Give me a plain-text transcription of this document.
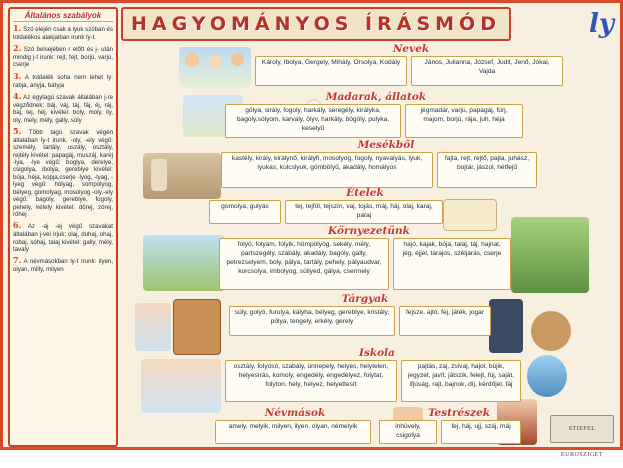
HAGYOMÁNYOS ÍRÁSMÓD	ly
Általános szabályok

1. Szó elején csak a lyuk szóban és toldalékos alakjaiban irunk ly-t.

2. Szó belsejében r előtt és j- után mindig j-t irunk: rejt, fejt, borjú, varjú, cserje

3. A toldalék soha nem lehet ly: rabja, anyja, bátyja

4. Az egytagú szavak általában j-re végződnek: báj, váj, táj, fáj, éj, ráj, baj, tej, héj, kivétel: boly, moly, ily, oly, mely, mély, gally, súly

5. Több tagú szavak végén általában ly-t irunk. -oly, -ely végű: személy, tartály, uszály, osztály, rejtély kivétel: papagáj, muszáj, karéj -lya, -lye végű: boglya, derelye, csigolya, ibolya, gereblye kivétel: bója, héja, kopja,cserje -lyog, -lyag, -lyeg végű: hólyag, sompolyog, bélyeg, gomolyag, mosolyog -oly,-ely végű: bagoly, gereblye, fogoly, pehely, kétely kivétel: dörej, zörej, röhej

6. Az -aj -ej végű szavakat általában j-vel írjuk: olaj, duhaj, ohaj, robaj, sóhaj, talaj kivétel: gally, mély, tavaly

7. A névmásokban ly-t írunk: ilyen, olyan, milly, milyen

Nevek
Károly, Ibolya, Gergely, Mihály, Orsolya, Kodály	János, Julianna, József, Judit, Jenő, Jókai, Vajda
Madarak, állatok
gólya, sirály, fogoly, harkály, seregély, királyka, bagoly,sólyom, karvaly, ölyv, harkály, bögöly, pulyka, keselyű
jégmadár, varjú, papagáj, fürj, majom, borjú, rája, juh, héja
Mesékből
kastély, király, királynő, királyfi, mosolyog, fogoly, nyavalyás, lyuk, lyukas, kulcslyuk, gömbölyű, akadály, homályos
fajta, rejt, rejtő, pajta, juhász, bojtár, jászol, hétfejű
Ételek
gomolya, gulyás	tej, tejföl, tejszín, vaj, tojás, máj, háj, olaj, karaj, paraj
Környezetünk
folyó, folyam, folyik, hömpölyög, sekély, mély, partszegély, szabály, akadály, bagoly, gally, petrezselyem, boly, pálya, tartály, pehely, pályaudvar, korcsolya, imbolyog, süllyed, gálya, csermely
hajó, kajak, bója, talaj, táj, hajnal, jég, éjjel, tarajos, széljárás, cserje
Tárgyak
súly, golyó, furulya, kályha, bélyeg, gereblye, kristály, pólya, tengely, erkély, gerely
fejsze, ajtó, fej, játék, jogar
Iskola
osztály, folyosó, szabály, ünnepély, helyes, helytelen, helyesírás, komoly, engedély, engedélyez, folytat, folyton, hely, helyez, helyettesít
pajtás, zaj, zsivaj, hajol, bújik, jegyzet, javít, játszik, felejt, fúj, saját, ifjúság, rajt, bajnok, díj, kérdőjel, fáj
Névmások
amely, melyik, milyen, ilyen, olyan, némelyik
Testrészek
inhüvely, csigolya
fej, háj, ujj, száj, máj	STIEFEL EUROSZIGET
